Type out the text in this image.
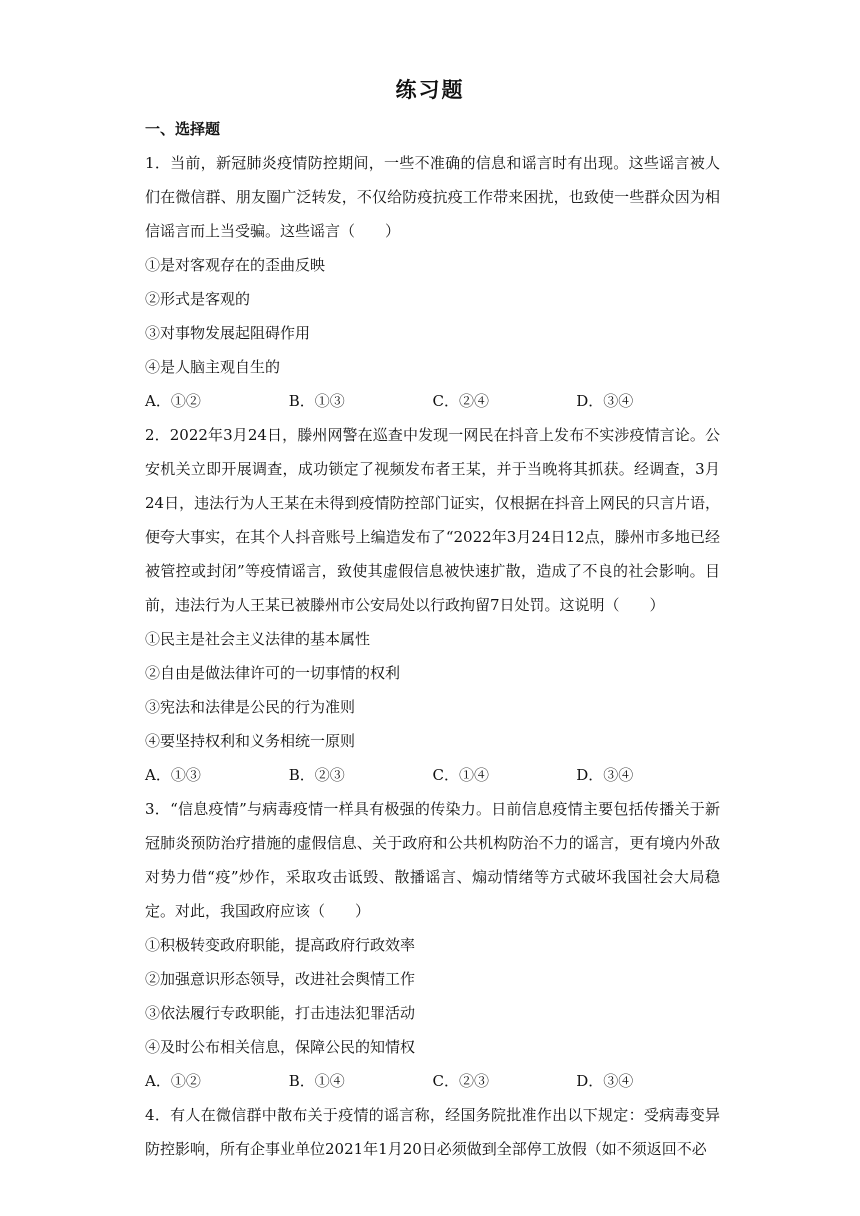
练习题
一、选择题

1．当前，新冠肺炎疫情防控期间，一些不准确的信息和谣言时有出现。这些谣言被人们在微信群、朋友圈广泛转发，不仅给防疫抗疫工作带来困扰，也致使一些群众因为相信谣言而上当受骗。这些谣言（　　）

①是对客观存在的歪曲反映

②形式是客观的

③对事物发展起阻碍作用

④是人脑主观自生的

A．①②	B．①③	C．②④	D．③④

2．2022年3月24日，滕州网警在巡查中发现一网民在抖音上发布不实涉疫情言论。公安机关立即开展调查，成功锁定了视频发布者王某，并于当晚将其抓获。经调查，3月24日，违法行为人王某在未得到疫情防控部门证实，仅根据在抖音上网民的只言片语，便夸大事实，在其个人抖音账号上编造发布了“2022年3月24日12点，滕州市多地已经被管控或封闭”等疫情谣言，致使其虚假信息被快速扩散，造成了不良的社会影响。目前，违法行为人王某已被滕州市公安局处以行政拘留7日处罚。这说明（　　）

①民主是社会主义法律的基本属性

②自由是做法律许可的一切事情的权利

③宪法和法律是公民的行为准则

④要坚持权利和义务相统一原则

A．①③	B．②③	C．①④	D．③④

3．“信息疫情”与病毒疫情一样具有极强的传染力。日前信息疫情主要包括传播关于新冠肺炎预防治疗措施的虚假信息、关于政府和公共机构防治不力的谣言，更有境内外敌对势力借“疫”炒作，采取攻击诋毁、散播谣言、煽动情绪等方式破坏我国社会大局稳定。对此，我国政府应该（　　）

①积极转变政府职能，提高政府行政效率

②加强意识形态领导，改进社会舆情工作

③依法履行专政职能，打击违法犯罪活动

④及时公布相关信息，保障公民的知情权

A．①②	B．①④	C．②③	D．③④

4．有人在微信群中散布关于疫情的谣言称，经国务院批准作出以下规定：受病毒变异防控影响，所有企事业单位2021年1月20日必须做到全部停工放假（如不须返回不必
